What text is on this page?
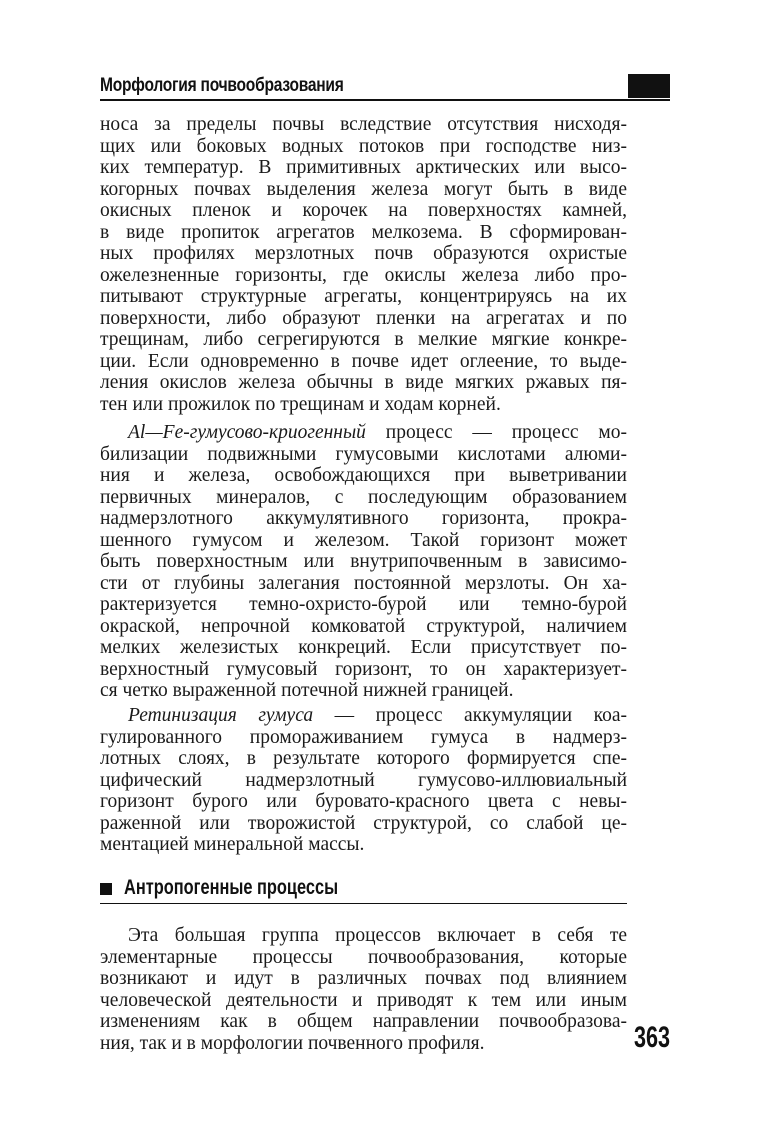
Морфология почвообразования
носа за пределы почвы вследствие отсутствия нисходя-
щих или боковых водных потоков при господстве низ-
ких температур. В примитивных арктических или высо-
когорных почвах выделения железа могут быть в виде
окисных пленок и корочек на поверхностях камней,
в виде пропиток агрегатов мелкозема. В сформирован-
ных профилях мерзлотных почв образуются охристые
ожелезненные горизонты, где окислы железа либо про-
питывают структурные агрегаты, концентрируясь на их
поверхности, либо образуют пленки на агрегатах и по
трещинам, либо сегрегируются в мелкие мягкие конкре-
ции. Если одновременно в почве идет оглеение, то выде-
ления окислов железа обычны в виде мягких ржавых пя-
тен или прожилок по трещинам и ходам корней.
Al—Fe-гумусово-криогенный процесс — процесс мо-
билизации подвижными гумусовыми кислотами алюми-
ния и железа, освобождающихся при выветривании
первичных минералов, с последующим образованием
надмерзлотного аккумулятивного горизонта, прокра-
шенного гумусом и железом. Такой горизонт может
быть поверхностным или внутрипочвенным в зависимо-
сти от глубины залегания постоянной мерзлоты. Он ха-
рактеризуется темно-охристо-бурой или темно-бурой
окраской, непрочной комковатой структурой, наличием
мелких железистых конкреций. Если присутствует по-
верхностный гумусовый горизонт, то он характеризует-
ся четко выраженной потечной нижней границей.
Ретинизация гумуса — процесс аккумуляции коа-
гулированного промораживанием гумуса в надмерз-
лотных слоях, в результате которого формируется спе-
цифический надмерзлотный гумусово-иллювиальный
горизонт бурого или буровато-красного цвета с невы-
раженной или творожистой структурой, со слабой це-
ментацией минеральной массы.
Антропогенные процессы
Эта большая группа процессов включает в себя те
элементарные процессы почвообразования, которые
возникают и идут в различных почвах под влиянием
человеческой деятельности и приводят к тем или иным
изменениям как в общем направлении почвообразова-
ния, так и в морфологии почвенного профиля.	363
